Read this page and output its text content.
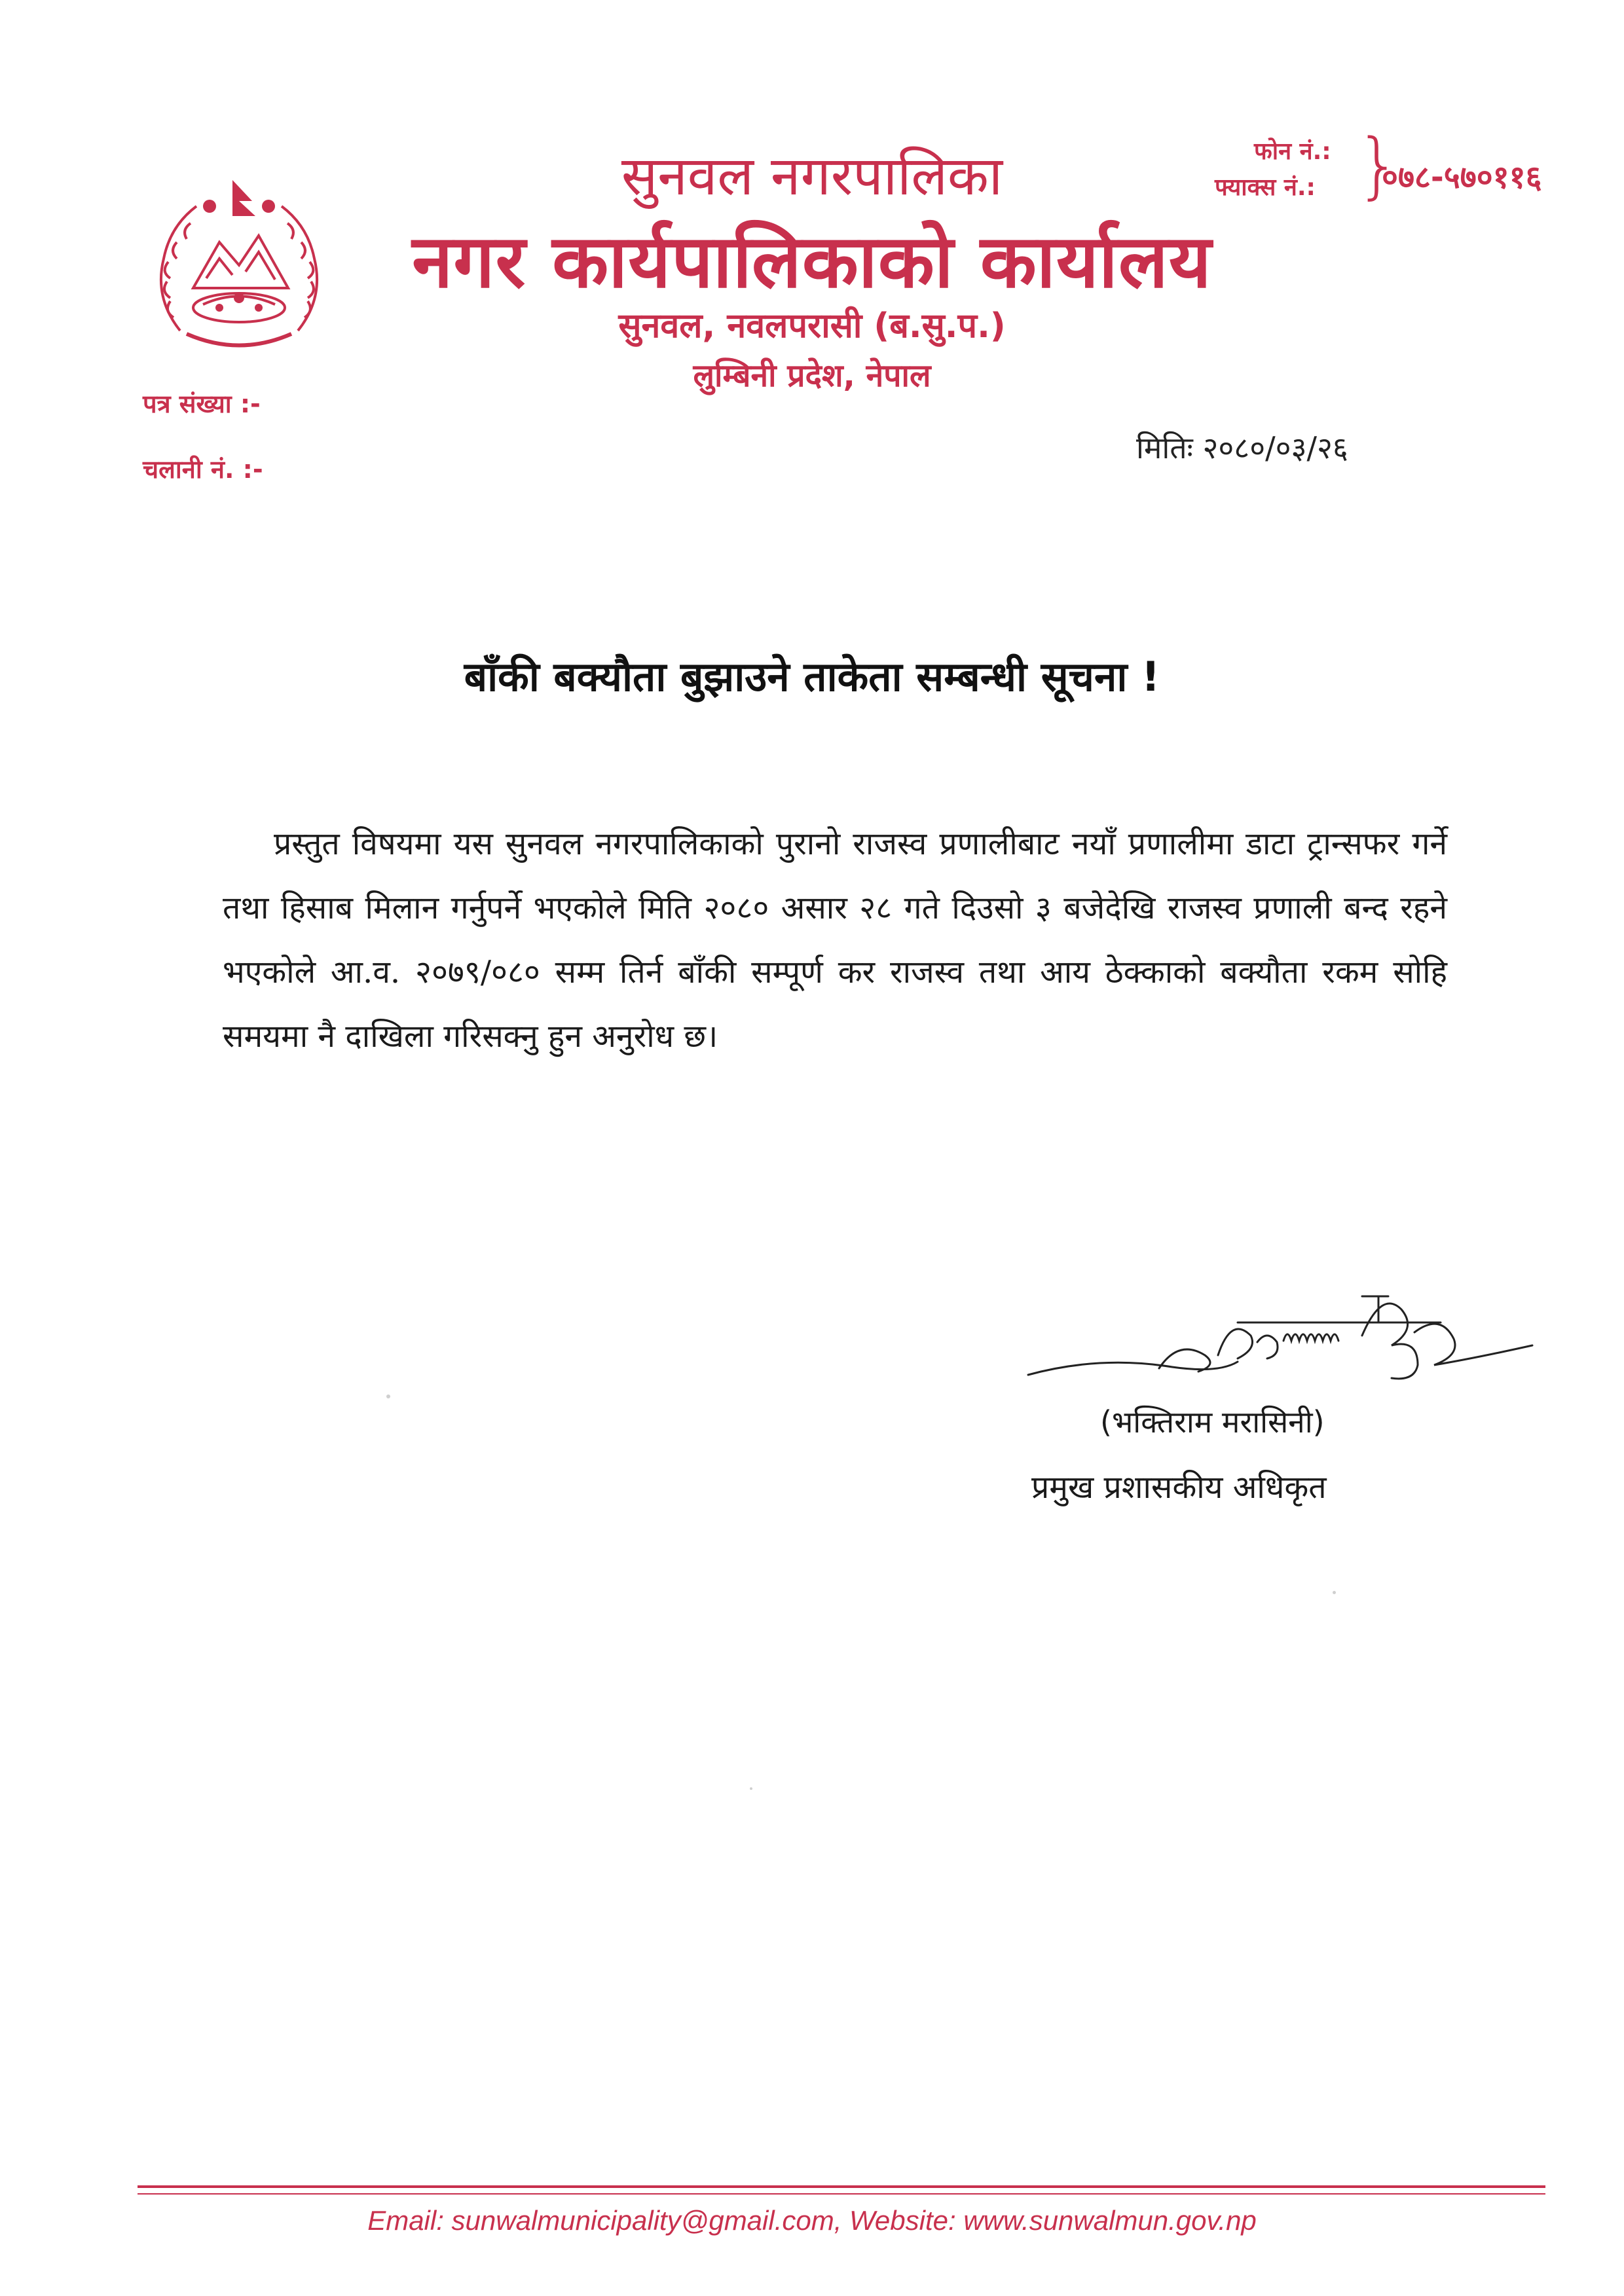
सुनवल नगरपालिका
नगर कार्यपालिकाको कार्यालय
सुनवल, नवलपरासी (ब.सु.प.)
लुम्बिनी प्रदेश, नेपाल
फोन नं.:
फ्याक्स नं.: }
०७८-५७०११६
पत्र संख्या :-
चलानी नं. :-
मितिः २०८०/०३/२६
बाँकी बक्यौता बुझाउने ताकेता सम्बन्धी सूचना !
प्रस्तुत विषयमा यस सुनवल नगरपालिकाको पुरानो राजस्व प्रणालीबाट नयाँ प्रणालीमा डाटा ट्रान्सफर गर्ने तथा हिसाब मिलान गर्नुपर्ने भएकोले मिति २०८० असार २८ गते दिउसो ३ बजेदेखि राजस्व प्रणाली बन्द रहने भएकोले आ.व. २०७९/०८० सम्म तिर्न बाँकी सम्पूर्ण कर राजस्व तथा आय ठेक्काको बक्यौता रकम सोहि समयमा नै दाखिला गरिसक्नु हुन अनुरोध छ।
(भक्तिराम मरासिनी)
प्रमुख प्रशासकीय अधिकृत
Email: sunwalmunicipality@gmail.com, Website: www.sunwalmun.gov.np
